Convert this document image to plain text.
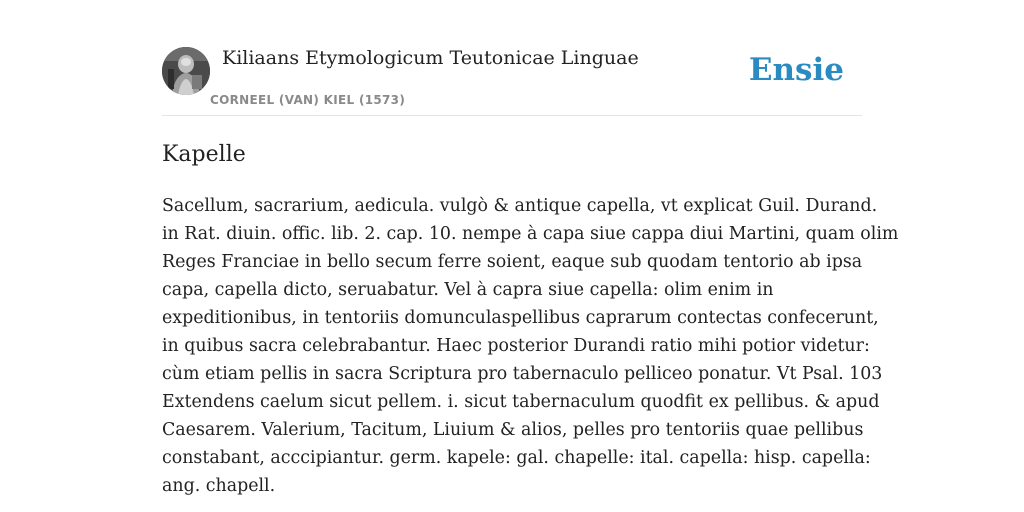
Kiliaans Etymologicum Teutonicae Linguae
CORNEEL (VAN) KIEL (1573)
Ensie
Kapelle
Sacellum, sacrarium, aedicula. vulgò & antique capella, vt explicat Guil. Durand.
in Rat. diuin. offic. lib. 2. cap. 10. nempe à capa siue cappa diui Martini, quam olim
Reges Franciae in bello secum ferre soient, eaque sub quodam tentorio ab ipsa
capa, capella dicto, seruabatur. Vel à capra siue capella: olim enim in
expeditionibus, in tentoriis domunculaspellibus caprarum contectas confecerunt,
in quibus sacra celebrabantur. Haec posterior Durandi ratio mihi potior videtur:
cùm etiam pellis in sacra Scriptura pro tabernaculo pelliceo ponatur. Vt Psal. 103
Extendens caelum sicut pellem. i. sicut tabernaculum quodfit ex pellibus. & apud
Caesarem. Valerium, Tacitum, Liuium & alios, pelles pro tentoriis quae pellibus
constabant, acccipiantur. germ. kapele: gal. chapelle: ital. capella: hisp. capella:
ang. chapell.
